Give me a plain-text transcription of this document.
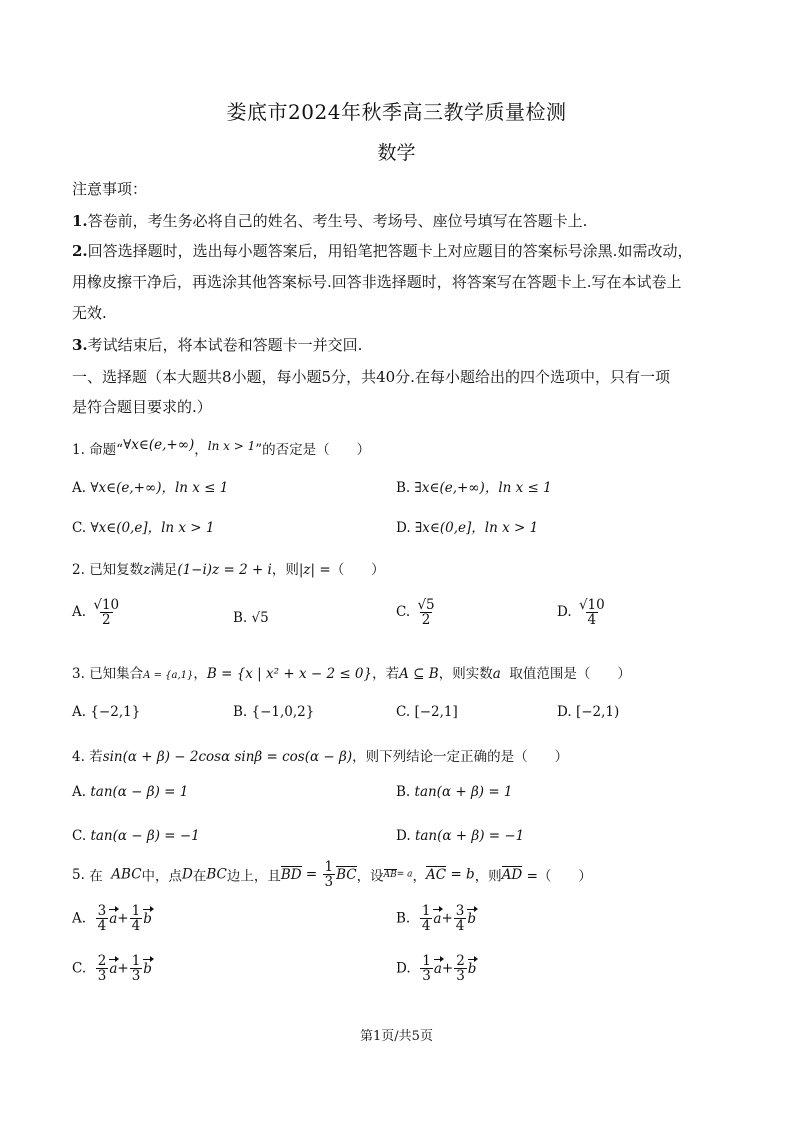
娄底市2024年秋季高三教学质量检测
数学
注意事项：
1.答卷前，考生务必将自己的姓名、考生号、考场号、座位号填写在答题卡上.
2.回答选择题时，选出每小题答案后，用铅笔把答题卡上对应题目的答案标号涂黑.如需改动，
用橡皮擦干净后，再选涂其他答案标号.回答非选择题时，将答案写在答题卡上.写在本试卷上
无效.
3.考试结束后，将本试卷和答题卡一并交回.
一、选择题（本大题共8小题，每小题5分，共40分.在每小题给出的四个选项中，只有一项
是符合题目要求的.）
1. 命题“∀x∈(e,+∞)，ln x > 1”的否定是（　　）
A. ∀x∈(e,+∞)，ln x ≤ 1	B. ∃x∈(e,+∞)，ln x ≤ 1
C. ∀x∈(0,e]，ln x > 1	D. ∃x∈(0,e]，ln x > 1
2. 已知复数z满足(1−i)z = 2 + i，则|z| =（　　）
A. $\frac{√10}{2}$	B. √5	C. $\frac{√5}{2}$	D. $\frac{√10}{4}$
3. 已知集合A = {a,1}，B = {x | x² + x − 2 ≤ 0}，若A ⊆ B，则实数a 取值范围是（　　）
A. {−2,1}	B. {−1,0,2}	C. [−2,1]	D. [−2,1)
4. 若sin(α + β) − 2cosα sinβ = cos(α − β)，则下列结论一定正确的是（　　）
A. tan(α − β) = 1	B. tan(α + β) = 1
C. tan(α − β) = −1	D. tan(α + β) = −1
5. 在 ABC中，点D在BC边上，且BD = $\frac{1}{3}$ BC，设AB= a，AC = b，则AD =（　　）
A. $\frac{3}{4} a+ \frac{1}{4}$ b	B. $\frac{1}{4} a+ \frac{3}{4}$ b
C. $\frac{2}{3} a+ \frac{1}{3}$ b	D. $\frac{1}{3} a+ \frac{2}{3}$ b
第1页/共5页
